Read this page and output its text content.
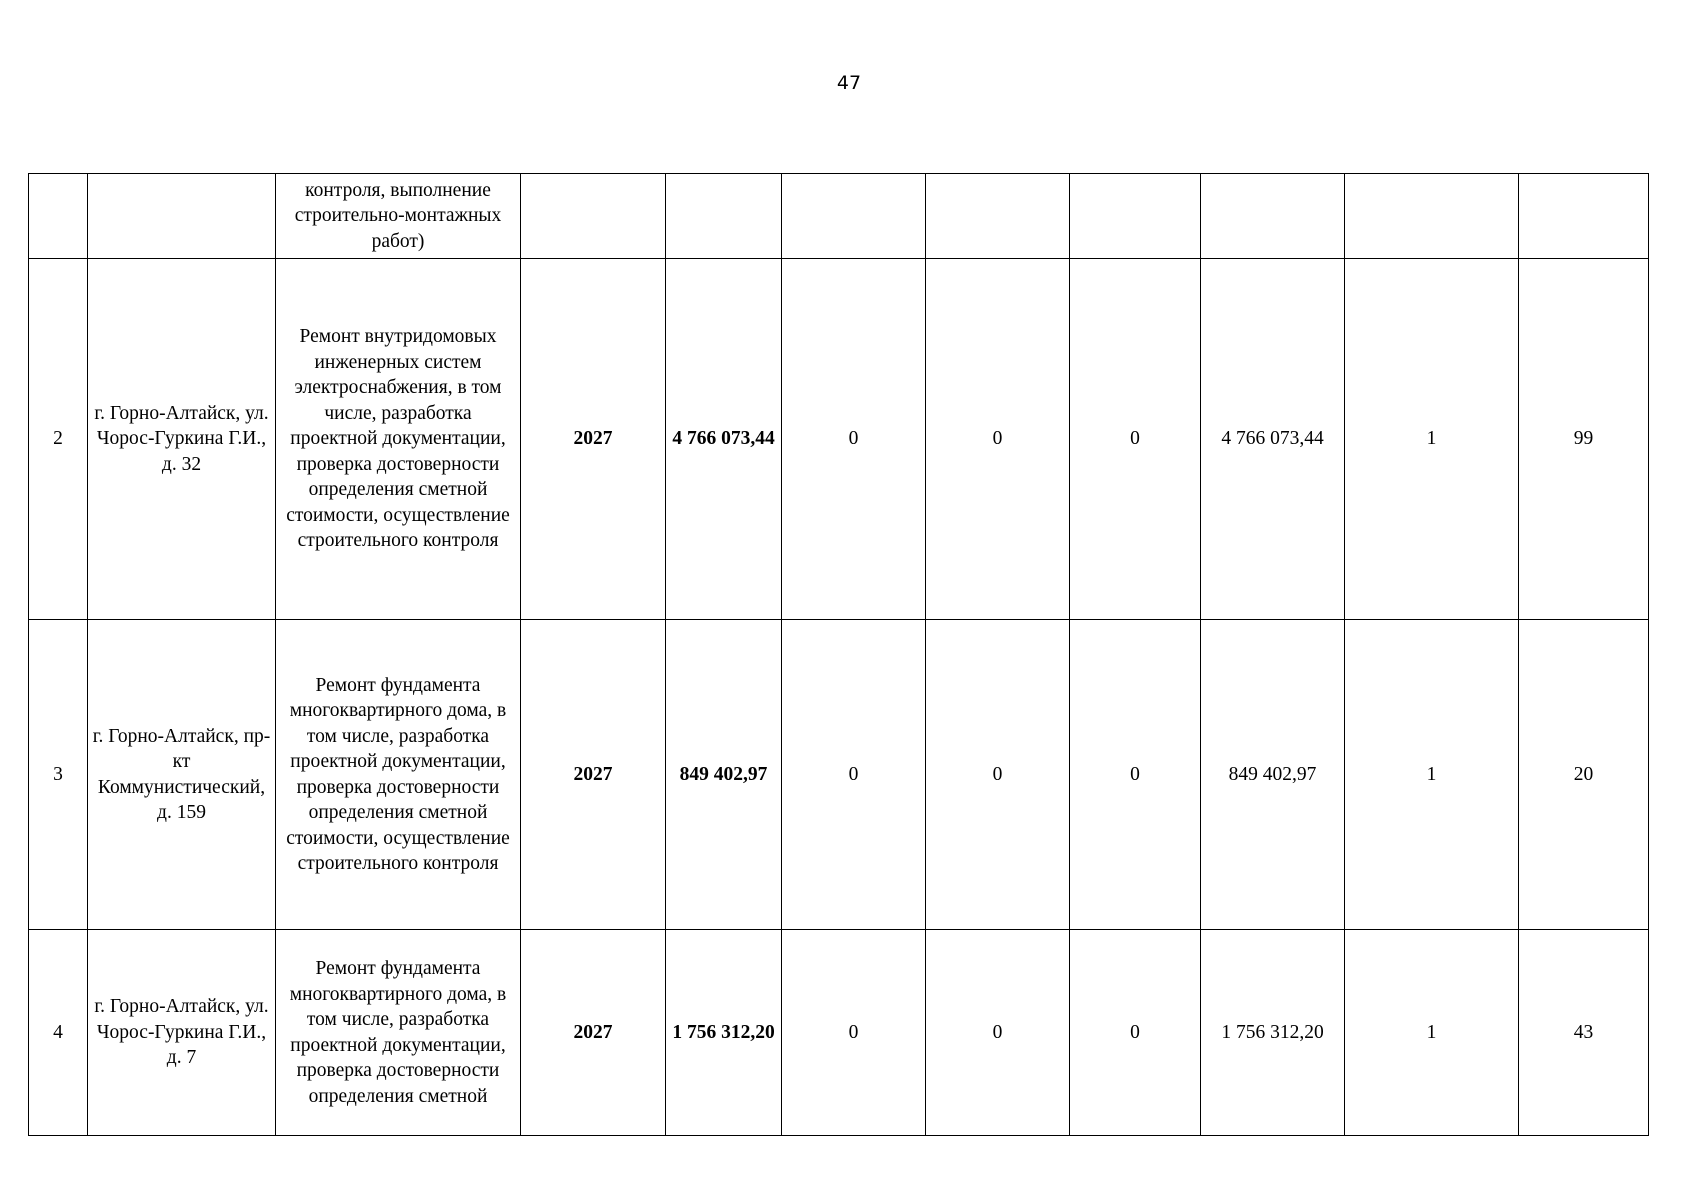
47
		контроля, выполнение строительно-монтажных работ)								
2	г. Горно-Алтайск, ул. Чорос-Гуркина Г.И., д. 32	Ремонт внутридомовых инженерных систем электроснабжения, в том числе, разработка проектной документации, проверка достоверности определения сметной стоимости, осуществление строительного контроля	2027	4 766 073,44	0	0	0	4 766 073,44	1	99
3	г. Горно-Алтайск, пр-кт Коммунистический, д. 159	Ремонт фундамента многоквартирного дома, в том числе, разработка проектной документации, проверка достоверности определения сметной стоимости, осуществление строительного контроля	2027	849 402,97	0	0	0	849 402,97	1	20
4	г. Горно-Алтайск, ул. Чорос-Гуркина Г.И., д. 7	Ремонт фундамента многоквартирного дома, в том числе, разработка проектной документации, проверка достоверности определения сметной	2027	1 756 312,20	0	0	0	1 756 312,20	1	43
